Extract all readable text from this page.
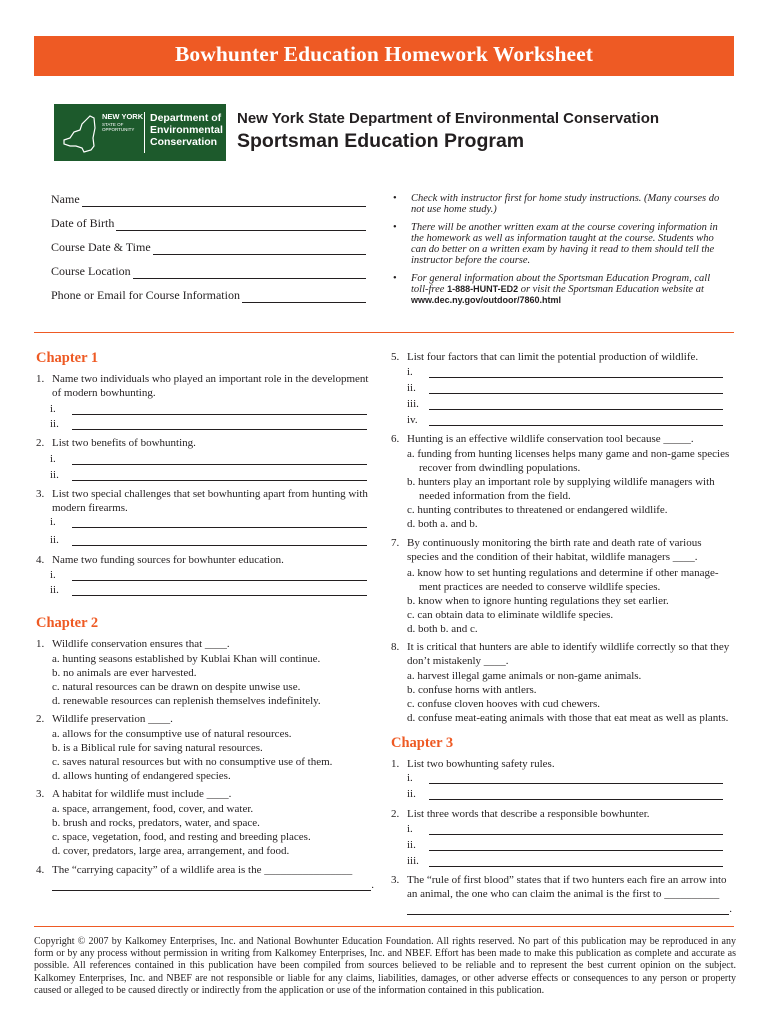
Bowhunter Education Homework Worksheet
NEW YORK
STATE OF OPPORTUNITY
Department of
Environmental
Conservation
New York State Department of Environmental Conservation
Sportsman Education Program
Name
Date of Birth
Course Date & Time
Course Location
Phone or Email for Course Information
• Check with instructor first for home study instructions. (Many courses do not use home study.)
• There will be another written exam at the course covering information in the homework as well as information taught at the course. Students who can do better on a written exam by having it read to them should tell the instructor before the course.
• For general information about the Sportsman Education Program, call toll-free 1-888-HUNT-ED2 or visit the Sportsman Education website at www.dec.ny.gov/outdoor/7860.html
Chapter 1
1. Name two individuals who played an important role in the development of modern bowhunting.
i.
ii.
2. List two benefits of bowhunting.
i.
ii.
3. List two special challenges that set bowhunting apart from hunting with modern firearms.
i.
ii.
4. Name two funding sources for bowhunter education.
i.
ii.
Chapter 2
1. Wildlife conservation ensures that ____.
a. hunting seasons established by Kublai Khan will continue.
b. no animals are ever harvested.
c. natural resources can be drawn on despite unwise use.
d. renewable resources can replenish themselves indefinitely.
2. Wildlife preservation ____.
a. allows for the consumptive use of natural resources.
b. is a Biblical rule for saving natural resources.
c. saves natural resources but with no consumptive use of them.
d. allows hunting of endangered species.
3. A habitat for wildlife must include ____.
a. space, arrangement, food, cover, and water.
b. brush and rocks, predators, water, and space.
c. space, vegetation, food, and resting and breeding places.
d. cover, predators, large area, arrangement, and food.
4. The “carrying capacity” of a wildlife area is the ________________
.
5. List four factors that can limit the potential production of wildlife.
i.
ii.
iii.
iv.
6. Hunting is an effective wildlife conservation tool because _____.
a. funding from hunting licenses helps many game and non-game species
recover from dwindling populations.
b. hunters play an important role by supplying wildlife managers with
needed information from the field.
c. hunting contributes to threatened or endangered wildlife.
d. both a. and b.
7. By continuously monitoring the birth rate and death rate of various species and the condition of their habitat, wildlife managers ____.
a. know how to set hunting regulations and determine if other manage-
ment practices are needed to conserve wildlife species.
b. know when to ignore hunting regulations they set earlier.
c. can obtain data to eliminate wildlife species.
d. both b. and c.
8. It is critical that hunters are able to identify wildlife correctly so that they don’t mistakenly ____.
a. harvest illegal game animals or non-game animals.
b. confuse horns with antlers.
c. confuse cloven hooves with cud chewers.
d. confuse meat-eating animals with those that eat meat as well as plants.
Chapter 3
1. List two bowhunting safety rules.
i.
ii.
2. List three words that describe a responsible bowhunter.
i.
ii.
iii.
3. The “rule of first blood” states that if two hunters each fire an arrow into an animal, the one who can claim the animal is the first to __________
.
Copyright © 2007 by Kalkomey Enterprises, Inc. and National Bowhunter Education Foundation. All rights reserved. No part of this publication may be reproduced in any form or by any process without permission in writing from Kalkomey Enterprises, Inc. and NBEF. Effort has been made to make this publication as complete and accurate as possible. All references contained in this publication have been compiled from sources believed to be reliable and to represent the best current opinion on the subject. Kalkomey Enterprises, Inc. and NBEF are not responsible or liable for any claims, liabilities, damages, or other adverse effects or consequences to any person or property caused or alleged to be caused directly or indirectly from the application or use of the information contained in this publication.
